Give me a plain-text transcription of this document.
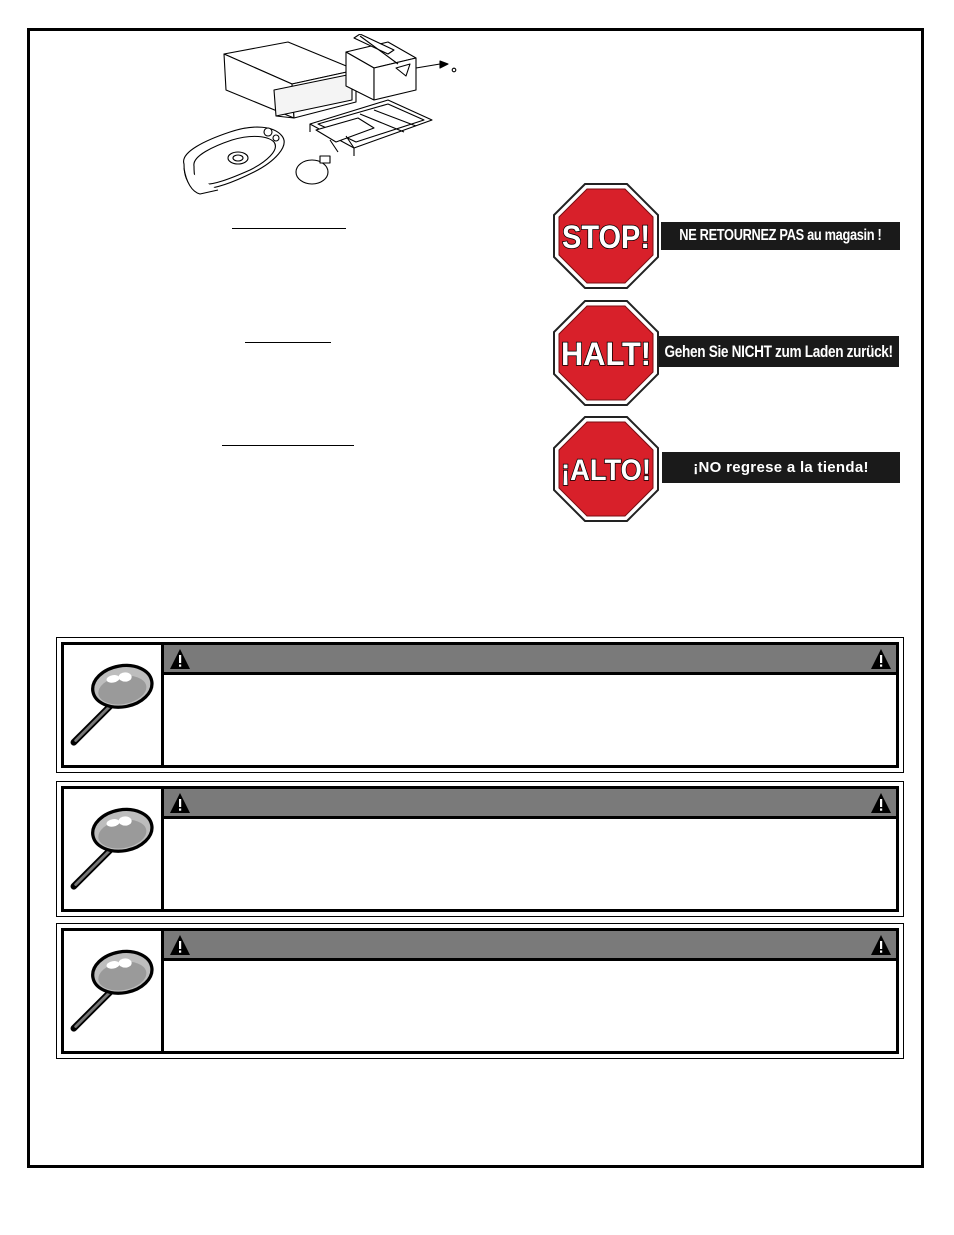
STOP! NE RETOURNEZ PAS au magasin !
HALT! Gehen Sie NICHT zum Laden zurück!
¡ALTO!	¡NO regrese a la tienda!
